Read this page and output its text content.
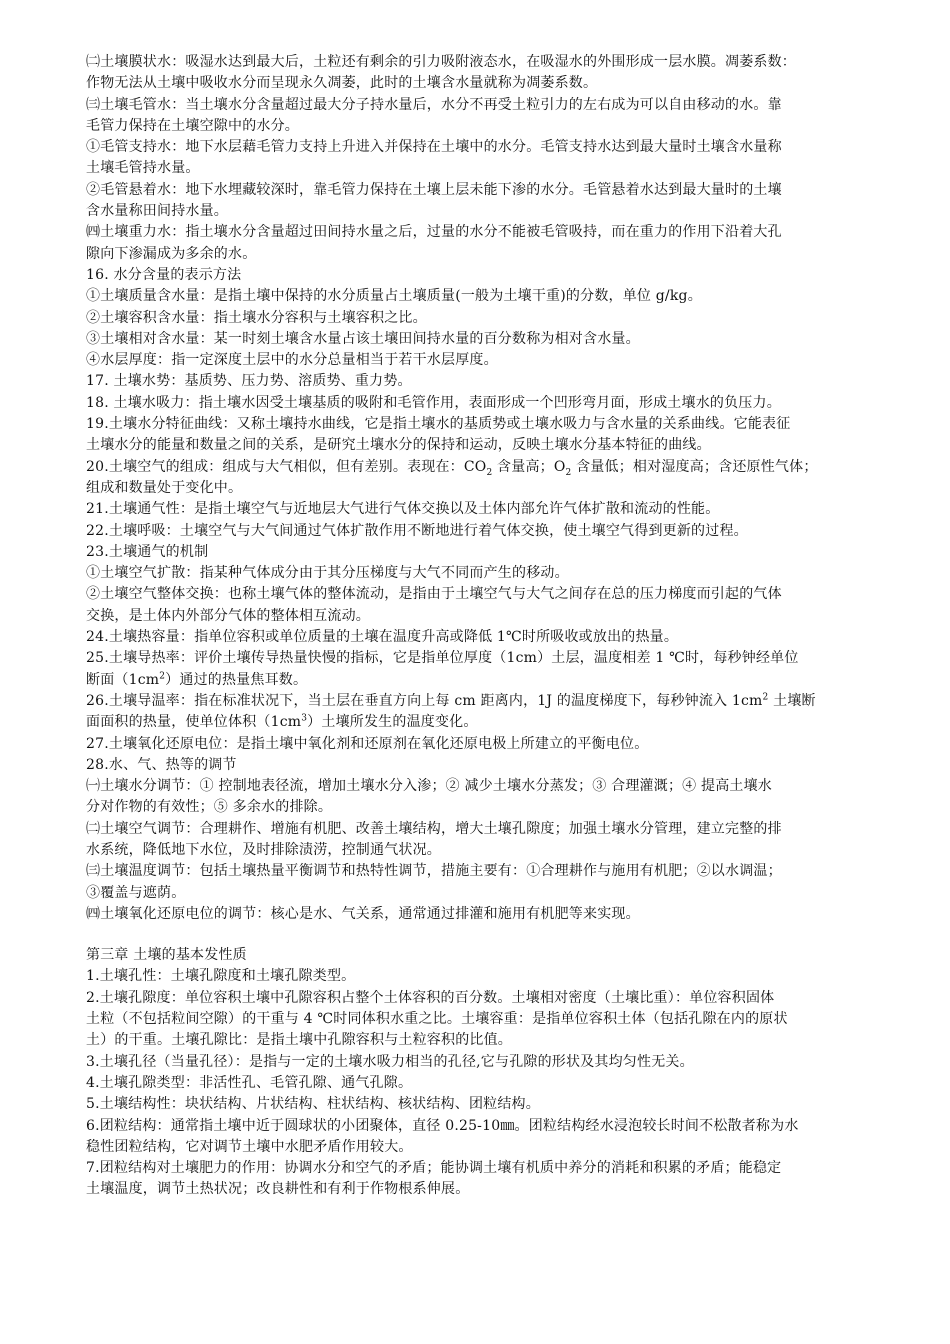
㈡土壤膜状水：吸湿水达到最大后，土粒还有剩余的引力吸附液态水，在吸湿水的外围形成一层水膜。凋萎系数：
作物无法从土壤中吸收水分而呈现永久凋萎，此时的土壤含水量就称为凋萎系数。
㈢土壤毛管水：当土壤水分含量超过最大分子持水量后，水分不再受土粒引力的左右成为可以自由移动的水。靠
毛管力保持在土壤空隙中的水分。
①毛管支持水：地下水层藉毛管力支持上升进入并保持在土壤中的水分。毛管支持水达到最大量时土壤含水量称
土壤毛管持水量。
②毛管悬着水：地下水埋藏较深时，靠毛管力保持在土壤上层未能下渗的水分。毛管悬着水达到最大量时的土壤
含水量称田间持水量。
㈣土壤重力水：指土壤水分含量超过田间持水量之后，过量的水分不能被毛管吸持，而在重力的作用下沿着大孔
隙向下渗漏成为多余的水。
16. 水分含量的表示方法
①土壤质量含水量：是指土壤中保持的水分质量占土壤质量(一般为土壤干重)的分数，单位 g/kg。
②土壤容积含水量：指土壤水分容积与土壤容积之比。
③土壤相对含水量：某一时刻土壤含水量占该土壤田间持水量的百分数称为相对含水量。
④水层厚度：指一定深度土层中的水分总量相当于若干水层厚度。
17. 土壤水势：基质势、压力势、溶质势、重力势。
18. 土壤水吸力：指土壤水因受土壤基质的吸附和毛管作用，表面形成一个凹形弯月面，形成土壤水的负压力。
19.土壤水分特征曲线：又称土壤持水曲线，它是指土壤水的基质势或土壤水吸力与含水量的关系曲线。它能表征
土壤水分的能量和数量之间的关系，是研究土壤水分的保持和运动，反映土壤水分基本特征的曲线。
20.土壤空气的组成：组成与大气相似，但有差别。表现在：$CO_2$ 含量高；$O_2$ 含量低；相对湿度高；含还原性气体；
组成和数量处于变化中。
21.土壤通气性：是指土壤空气与近地层大气进行气体交换以及土体内部允许气体扩散和流动的性能。
22.土壤呼吸：土壤空气与大气间通过气体扩散作用不断地进行着气体交换，使土壤空气得到更新的过程。
23.土壤通气的机制
①土壤空气扩散：指某种气体成分由于其分压梯度与大气不同而产生的移动。
②土壤空气整体交换：也称土壤气体的整体流动，是指由于土壤空气与大气之间存在总的压力梯度而引起的气体
交换，是土体内外部分气体的整体相互流动。
24.土壤热容量：指单位容积或单位质量的土壤在温度升高或降低 1℃时所吸收或放出的热量。
25.土壤导热率：评价土壤传导热量快慢的指标，它是指单位厚度（1cm）土层，温度相差 1 ℃时，每秒钟经单位
断面$(1cm^2)$通过的热量焦耳数。
26.土壤导温率：指在标准状况下，当土层在垂直方向上每 cm 距离内，1J 的温度梯度下，每秒钟流入 $1cm^2$ 土壤断
面面积的热量，使单位体积$(1cm^3)$土壤所发生的温度变化。
27.土壤氧化还原电位：是指土壤中氧化剂和还原剂在氧化还原电极上所建立的平衡电位。
28.水、气、热等的调节
㈠土壤水分调节：① 控制地表径流，增加土壤水分入渗；② 减少土壤水分蒸发；③ 合理灌溉；④ 提高土壤水
分对作物的有效性；⑤ 多余水的排除。
㈡土壤空气调节：合理耕作、增施有机肥、改善土壤结构，增大土壤孔隙度；加强土壤水分管理，建立完整的排
水系统，降低地下水位，及时排除渍涝，控制通气状况。
㈢土壤温度调节：包括土壤热量平衡调节和热特性调节，措施主要有：①合理耕作与施用有机肥；②以水调温；
③覆盖与遮荫。
㈣土壤氧化还原电位的调节：核心是水、气关系，通常通过排灌和施用有机肥等来实现。
第三章 土壤的基本发性质
1.土壤孔性：土壤孔隙度和土壤孔隙类型。
2.土壤孔隙度：单位容积土壤中孔隙容积占整个土体容积的百分数。土壤相对密度（土壤比重）：单位容积固体
土粒（不包括粒间空隙）的干重与 4 ℃时同体积水重之比。土壤容重：是指单位容积土体（包括孔隙在内的原状
土）的干重。土壤孔隙比：是指土壤中孔隙容积与土粒容积的比值。
3.土壤孔径（当量孔径）：是指与一定的土壤水吸力相当的孔径,它与孔隙的形状及其均匀性无关。
4.土壤孔隙类型：非活性孔、毛管孔隙、通气孔隙。
5.土壤结构性：块状结构、片状结构、柱状结构、核状结构、团粒结构。
6.团粒结构：通常指土壤中近于圆球状的小团聚体，直径 0.25-10㎜。团粒结构经水浸泡较长时间不松散者称为水
稳性团粒结构，它对调节土壤中水肥矛盾作用较大。
7.团粒结构对土壤肥力的作用：协调水分和空气的矛盾；能协调土壤有机质中养分的消耗和积累的矛盾；能稳定
土壤温度，调节土热状况；改良耕性和有利于作物根系伸展。
